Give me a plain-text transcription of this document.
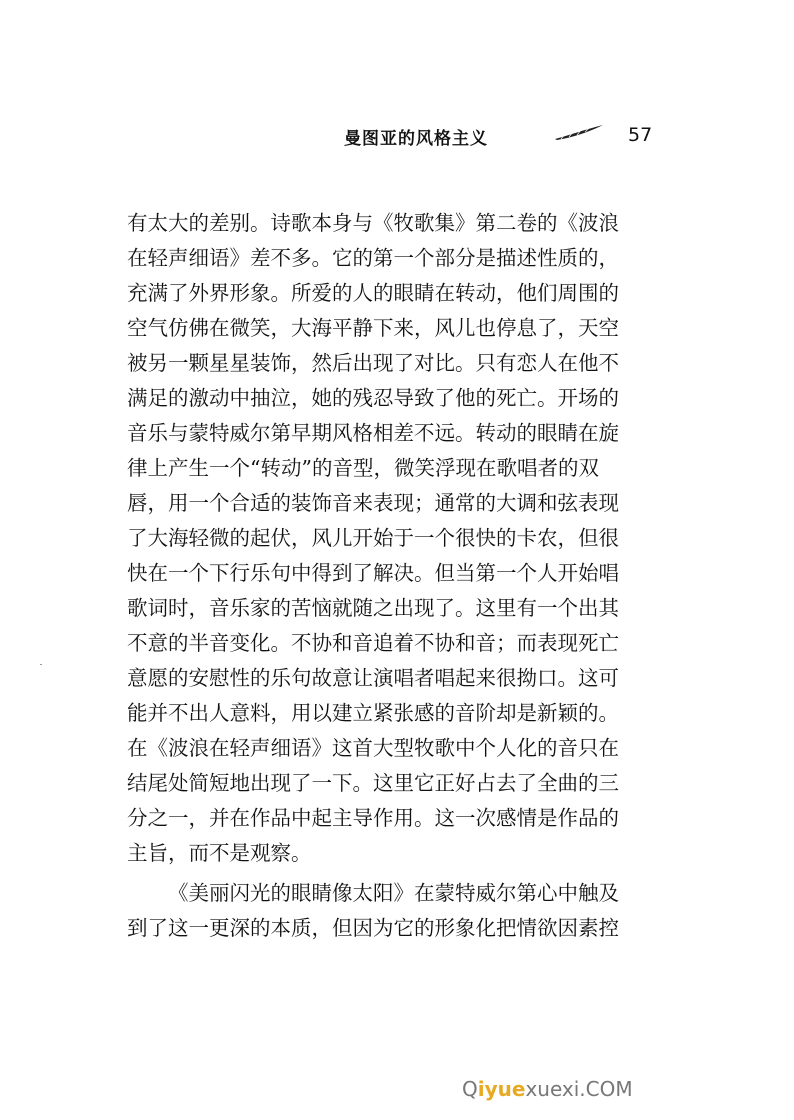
曼图亚的风格主义	57
有太大的差别。诗歌本身与《牧歌集》第二卷的《波浪
在轻声细语》差不多。它的第一个部分是描述性质的，
充满了外界形象。所爱的人的眼睛在转动，他们周围的
空气仿佛在微笑，大海平静下来，风儿也停息了，天空
被另一颗星星装饰，然后出现了对比。只有恋人在他不
满足的激动中抽泣，她的残忍导致了他的死亡。开场的
音乐与蒙特威尔第早期风格相差不远。转动的眼睛在旋
律上产生一个“转动”的音型，微笑浮现在歌唱者的双
唇，用一个合适的装饰音来表现；通常的大调和弦表现
了大海轻微的起伏，风儿开始于一个很快的卡农，但很
快在一个下行乐句中得到了解决。但当第一个人开始唱
歌词时，音乐家的苦恼就随之出现了。这里有一个出其
不意的半音变化。不协和音追着不协和音；而表现死亡
意愿的安慰性的乐句故意让演唱者唱起来很拗口。这可
能并不出人意料，用以建立紧张感的音阶却是新颖的。
在《波浪在轻声细语》这首大型牧歌中个人化的音只在
结尾处简短地出现了一下。这里它正好占去了全曲的三
分之一，并在作品中起主导作用。这一次感情是作品的
主旨，而不是观察。
《美丽闪光的眼睛像太阳》在蒙特威尔第心中触及
到了这一更深的本质，但因为它的形象化把情欲因素控
Qiyuexuexi.COM
